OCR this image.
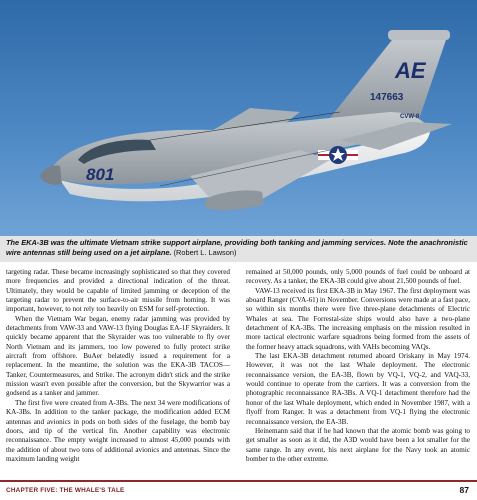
AE
147663
CVW-8
801
The EKA-3B was the ultimate Vietnam strike support airplane, providing both tanking and jamming services. Note the anachronistic wire antennas still being used on a jet airplane. (Robert L. Lawson)

targeting radar. These became increasingly sophisticated so that they covered more frequencies and provided a directional indication of the threat. Ultimately, they would be capable of limited jamming or deception of the targeting radar to prevent the surface-to-air missile from homing. It was important, however, to not rely too heavily on ESM for self-protection.

When the Vietnam War began, enemy radar jamming was provided by detachments from VAW-33 and VAW-13 flying Douglas EA-1F Skyraiders. It quickly became apparent that the Skyraider was too vulnerable to fly over North Vietnam and its jammers, too low powered to fully protect strike aircraft from offshore. BuAer belatedly issued a requirement for a replacement. In the meantime, the solution was the EKA-3B TACOS—Tanker, Countermeasures, and Strike. The acronym didn't stick and the strike mission wasn't even possible after the conversion, but the Skywarrior was a godsend as a tanker and jammer.

The first five were created from A-3Bs. The next 34 were modifications of KA-3Bs. In addition to the tanker package, the modification added ECM antennas and avionics in pods on both sides of the fuselage, the bomb bay doors, and tip of the vertical fin. Another capability was electronic reconnaissance. The empty weight increased to almost 45,000 pounds with the addition of about two tons of additional avionics and antennas. Since the maximum landing weight

remained at 50,000 pounds, only 5,000 pounds of fuel could be onboard at recovery. As a tanker, the EKA-3B could give about 21,500 pounds of fuel.

VAW-13 received its first EKA-3B in May 1967. The first deployment was aboard Ranger (CVA-61) in November. Conversions were made at a fast pace, so within six months there were five three-plane detachments of Electric Whales at sea. The Forrestal-size ships would also have a two-plane detachment of KA-3Bs. The increasing emphasis on the mission resulted in more tactical electronic warfare squadrons being formed from the assets of the former heavy attack squadrons, with VAHs becoming VAQs.

The last EKA-3B detachment returned aboard Oriskany in May 1974. However, it was not the last Whale deployment. The electronic reconnaissance version, the EA-3B, flown by VQ-1, VQ-2, and VAQ-33, would continue to operate from the carriers. It was a conversion from the photographic reconnaissance RA-3Bs. A VQ-1 detachment therefore had the honor of the last Whale deployment, which ended in November 1987, with a flyoff from Ranger. It was a detachment from VQ-1 flying the electronic reconnaissance version, the EA-3B.

Heinemann said that if he had known that the atomic bomb was going to get smaller as soon as it did, the A3D would have been a lot smaller for the same range. In any event, his next airplane for the Navy took an atomic bomber to the other extreme.

CHAPTER FIVE: THE WHALE'S TALE	87
